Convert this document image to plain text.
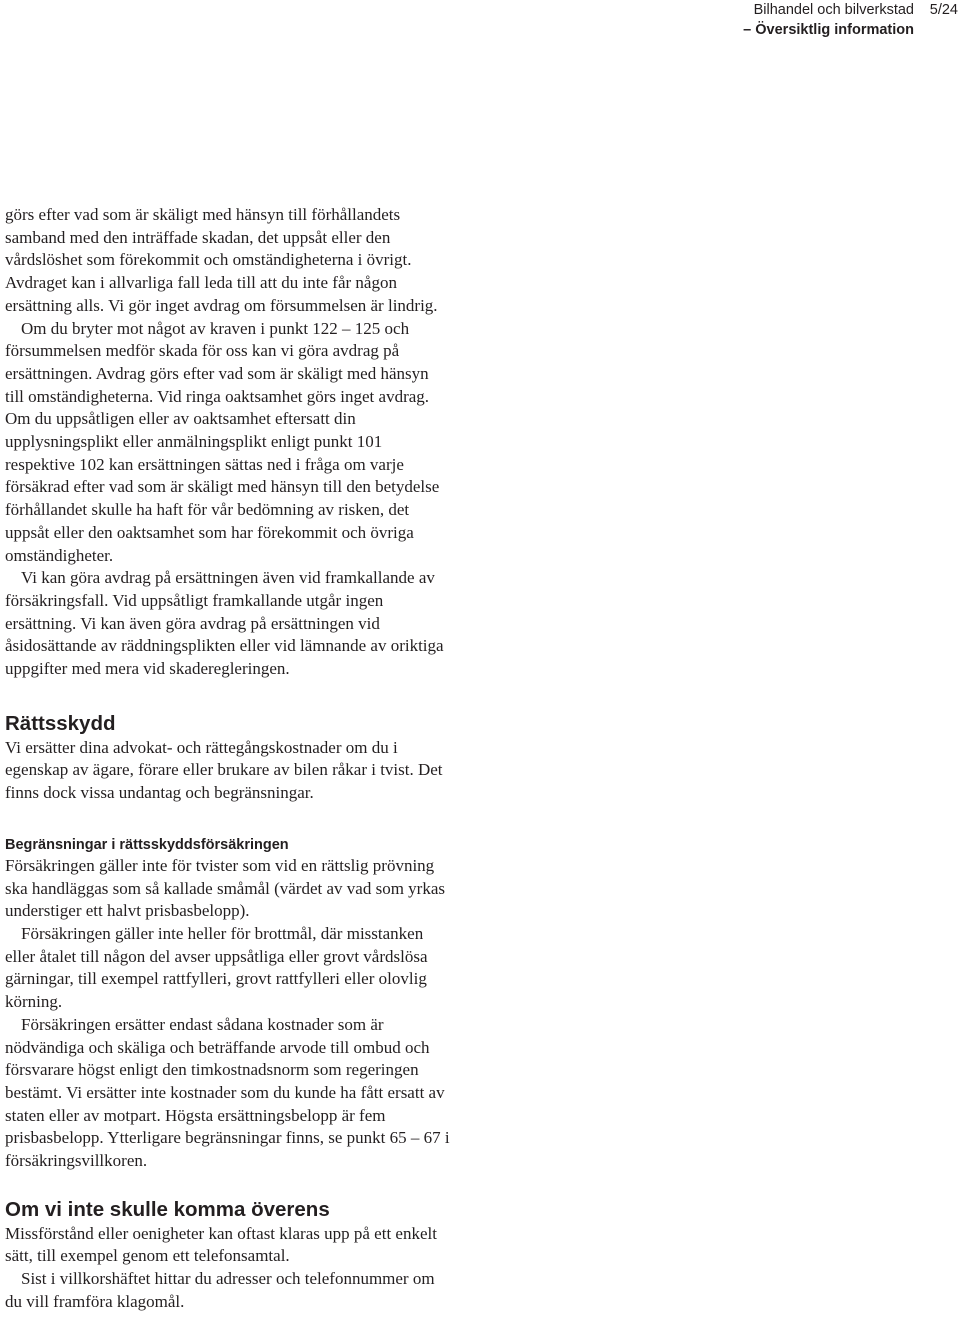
Bilhandel och bilverkstad
– Översiktlig information
5/24

görs efter vad som är skäligt med hänsyn till förhållandets samband med den inträffade skadan, det uppsåt eller den vårdslöshet som förekommit och omständigheterna i övrigt. Avdraget kan i allvarliga fall leda till att du inte får någon ersättning alls. Vi gör inget avdrag om försummelsen är lindrig.

Om du bryter mot något av kraven i punkt 122 – 125 och försummelsen medför skada för oss kan vi göra avdrag på ersättningen. Avdrag görs efter vad som är skäligt med hänsyn till omständigheterna. Vid ringa oaktsamhet görs inget avdrag. Om du uppsåtligen eller av oaktsamhet eftersatt din upplysningsplikt eller anmälningsplikt enligt punkt 101 respektive 102 kan ersättningen sättas ned i fråga om varje försäkrad efter vad som är skäligt med hänsyn till den betydelse förhållandet skulle ha haft för vår bedömning av risken, det uppsåt eller den oaktsamhet som har förekommit och övriga omständigheter.

Vi kan göra avdrag på ersättningen även vid framkallande av försäkringsfall. Vid uppsåtligt framkallande utgår ingen ersättning. Vi kan även göra avdrag på ersättningen vid åsidosättande av räddningsplikten eller vid lämnande av oriktiga uppgifter med mera vid skaderegleringen.

Rättsskydd

Vi ersätter dina advokat- och rättegångskostnader om du i egenskap av ägare, förare eller brukare av bilen råkar i tvist. Det finns dock vissa undantag och begränsningar.

Begränsningar i rättsskyddsförsäkringen

Försäkringen gäller inte för tvister som vid en rättslig prövning ska handläggas som så kallade småmål (värdet av vad som yrkas understiger ett halvt prisbasbelopp).

Försäkringen gäller inte heller för brottmål, där misstanken eller åtalet till någon del avser uppsåtliga eller grovt vårdslösa gärningar, till exempel rattfylleri, grovt rattfylleri eller olovlig körning.

Försäkringen ersätter endast sådana kostnader som är nödvändiga och skäliga och beträffande arvode till ombud och försvarare högst enligt den timkostnadsnorm som regeringen bestämt. Vi ersätter inte kostnader som du kunde ha fått ersatt av staten eller av motpart. Högsta ersättningsbelopp är fem prisbasbelopp. Ytterligare begränsningar finns, se punkt 65 – 67 i försäkringsvillkoren.

Om vi inte skulle komma överens

Missförstånd eller oenigheter kan oftast klaras upp på ett enkelt sätt, till exempel genom ett telefonsamtal.

Sist i villkorshäftet hittar du adresser och telefonnummer om du vill framföra klagomål.
